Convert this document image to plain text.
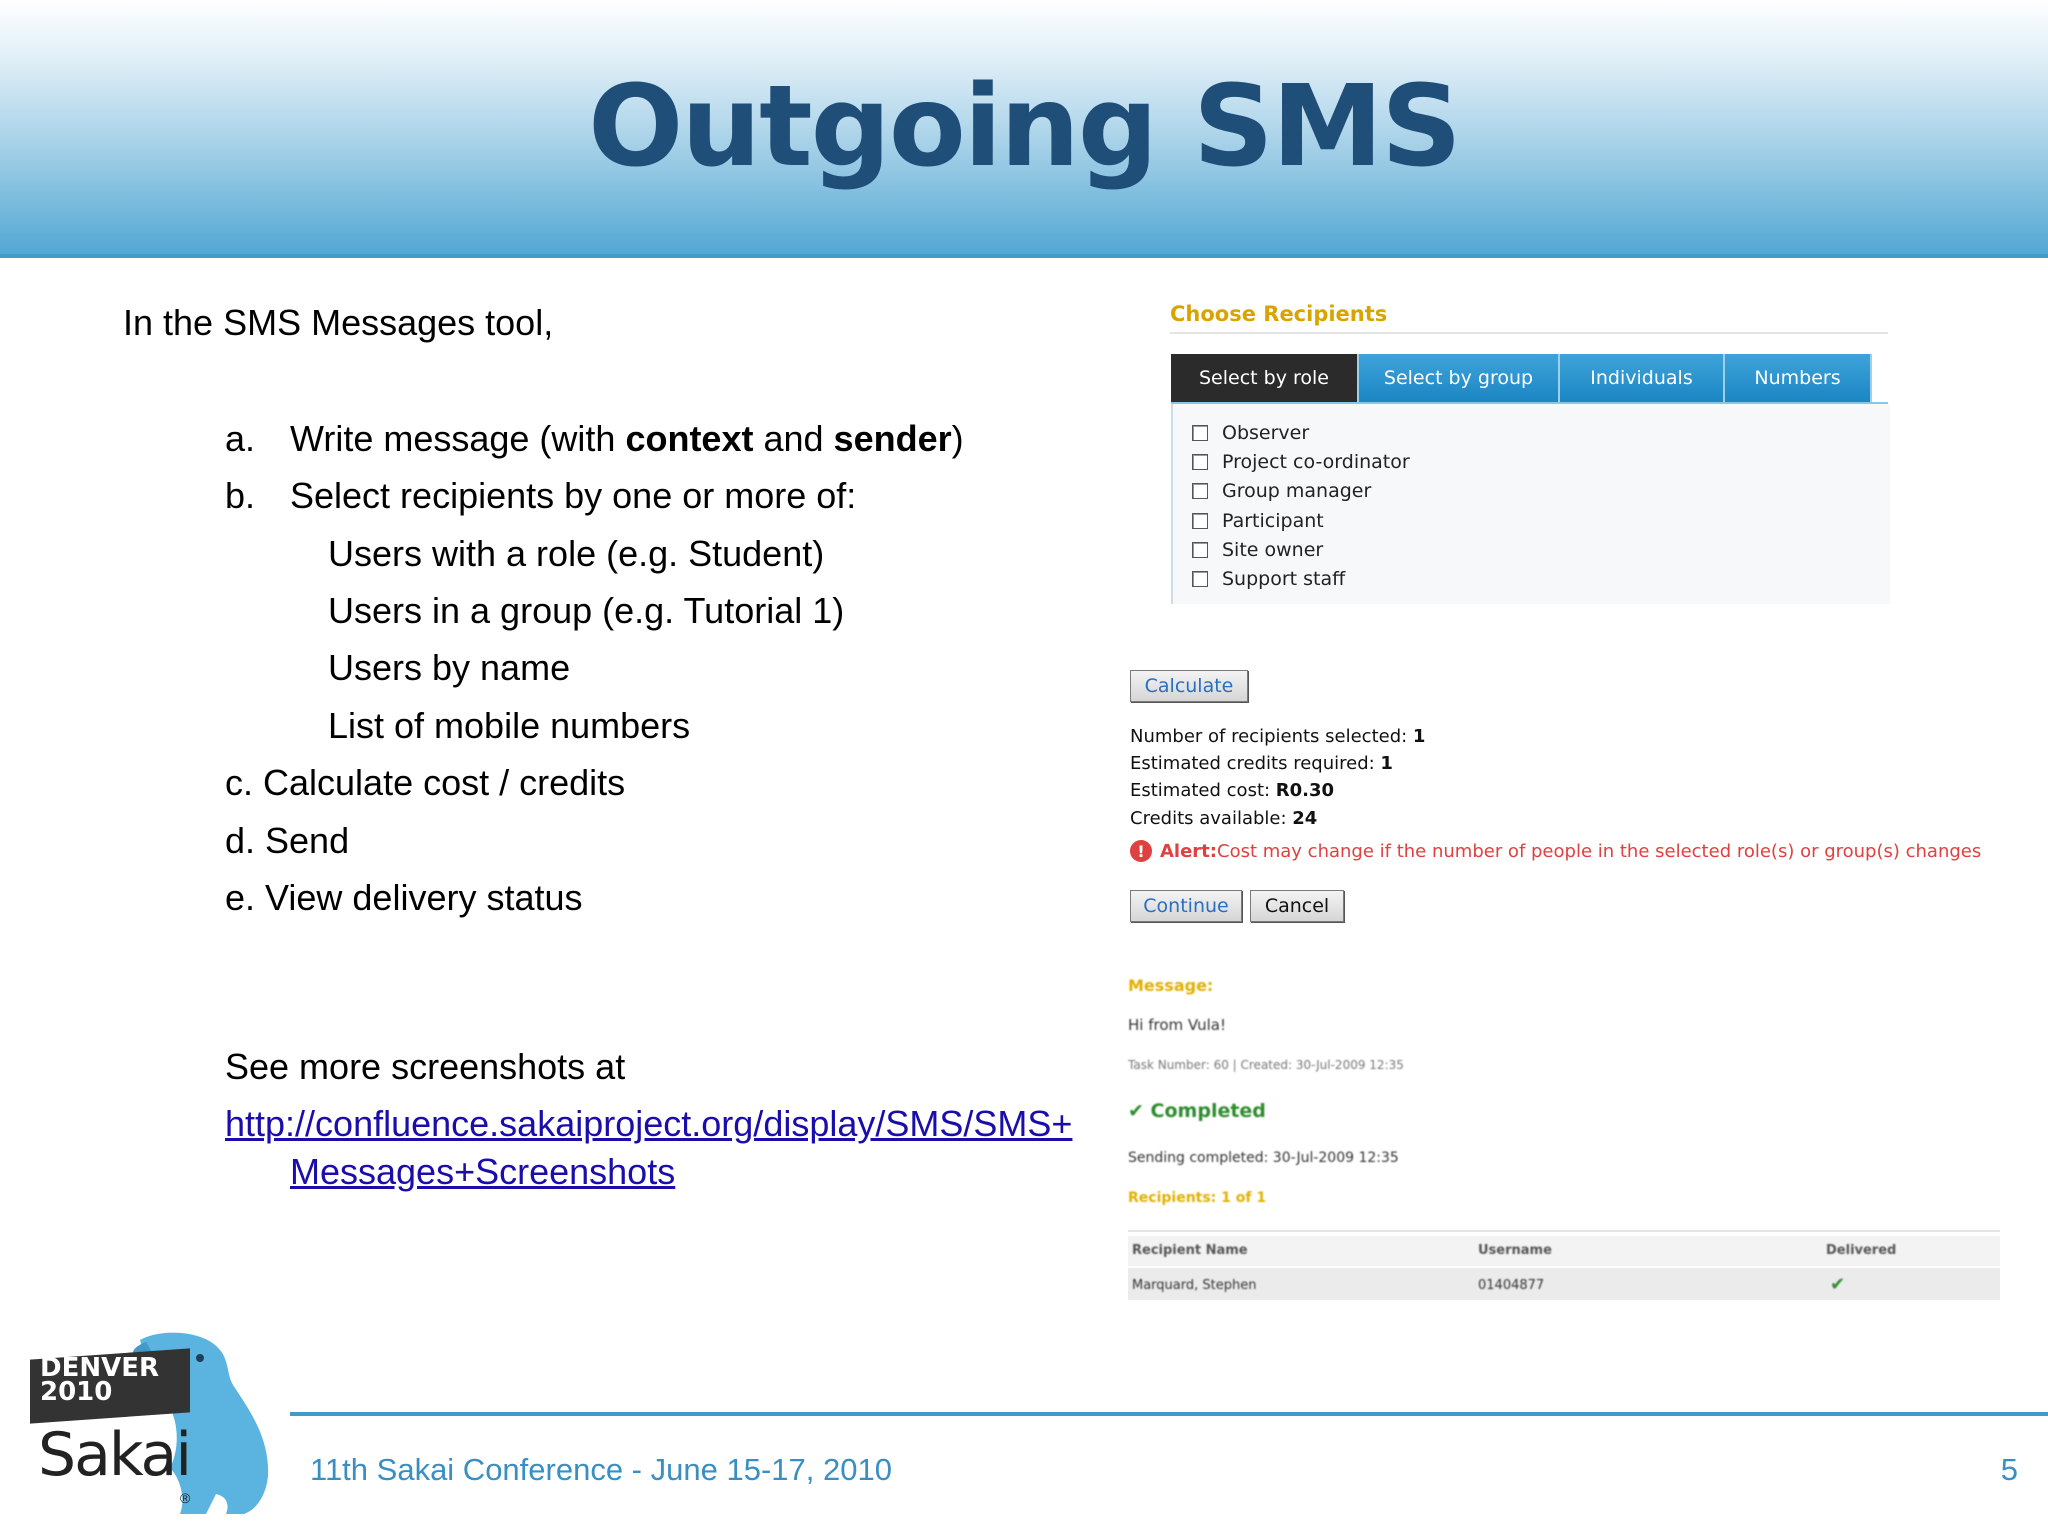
Outgoing SMS
In the SMS Messages tool,
a. Write message (with context and sender)
b. Select recipients by one or more of:
Users with a role (e.g. Student)
Users in a group (e.g. Tutorial 1)
Users by name
List of mobile numbers
c. Calculate cost / credits
d. Send
e. View delivery status
See more screenshots at
http://confluence.sakaiproject.org/display/SMS/SMS+
Messages+Screenshots
Choose Recipients
Select by role	Select by group	Individuals	Numbers
Observer
Project co-ordinator
Group manager
Participant
Site owner
Support staff
Calculate
Number of recipients selected: 1
Estimated credits required: 1
Estimated cost: R0.30
Credits available: 24
! Alert: Cost may change if the number of people in the selected role(s) or group(s) changes
Continue	Cancel
Message:
Hi from Vula!
Task Number: 60 | Created: 30-Jul-2009 12:35
✔ Completed
Sending completed: 30-Jul-2009 12:35
Recipients: 1 of 1
Recipient Name	Username	Delivered
Marquard, Stephen	01404877	✔
11th Sakai Conference - June 15-17, 2010	5
DENVER
2010
Sakai
®
